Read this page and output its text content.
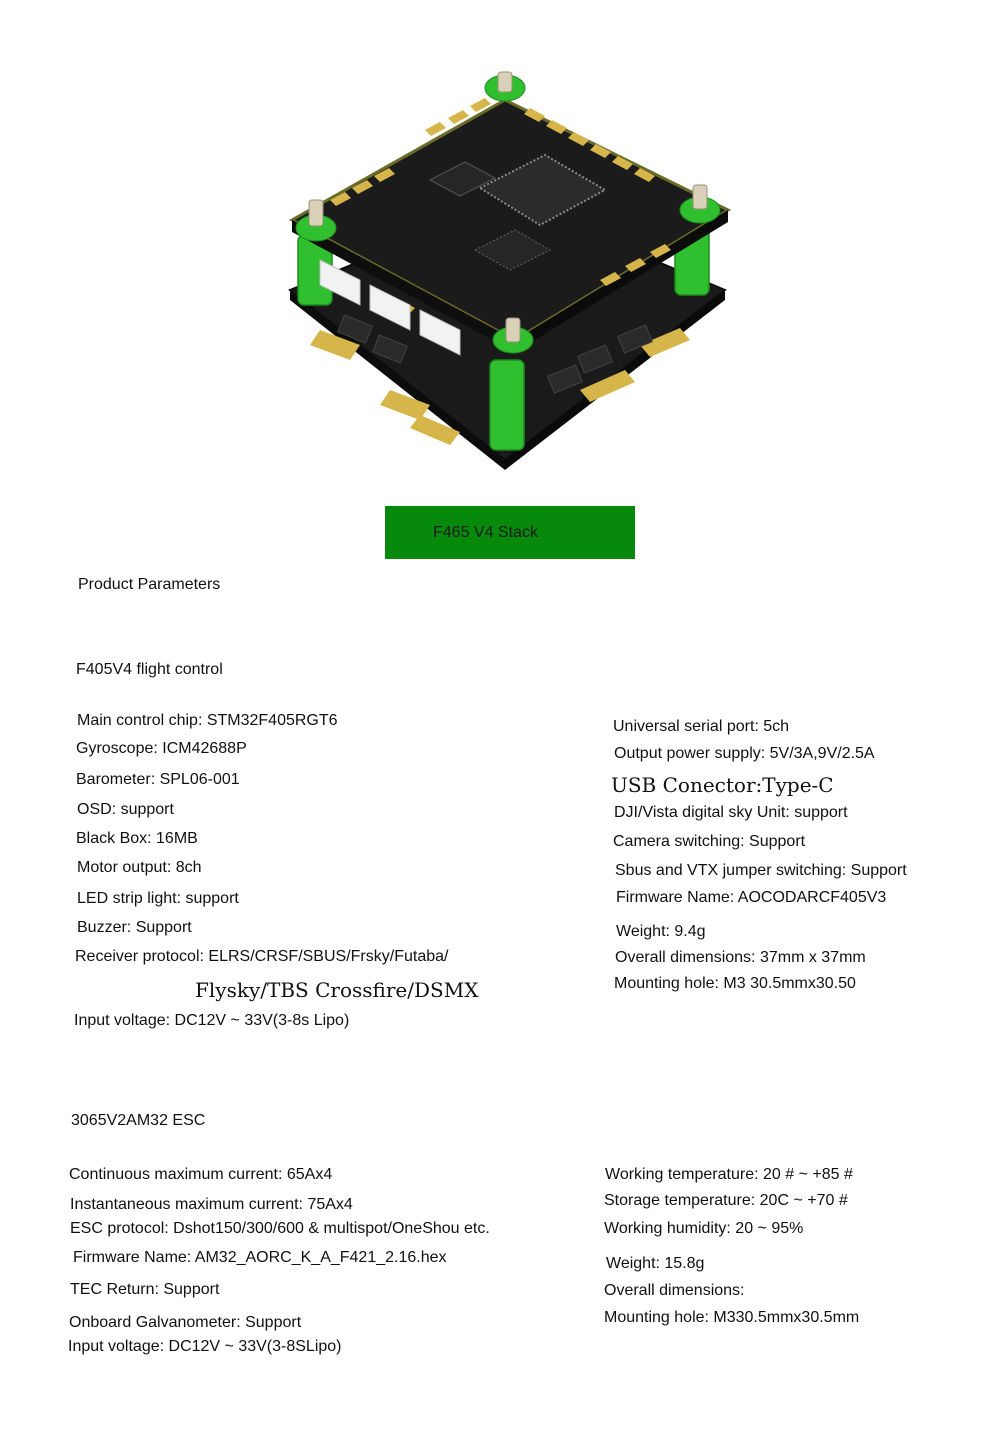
F465 V4 Stack
Product Parameters
F405V4 flight control
Main control chip: STM32F405RGT6
Gyroscope: ICM42688P
Barometer: SPL06-001
OSD: support
Black Box: 16MB
Motor output: 8ch
LED strip light: support
Buzzer: Support
Receiver protocol: ELRS/CRSF/SBUS/Frsky/Futaba/
Flysky/TBS Crossfire/DSMX
Input voltage: DC12V ~ 33V(3-8s Lipo)
Universal serial port: 5ch
Output power supply: 5V/3A,9V/2.5A
USB Conector:Type-C
DJI/Vista digital sky Unit: support
Camera switching: Support
Sbus and VTX jumper switching: Support
Firmware Name: AOCODARCF405V3
Weight: 9.4g
Overall dimensions: 37mm x 37mm
Mounting hole: M3 30.5mmx30.50
3065V2AM32 ESC
Continuous maximum current: 65Ax4
Instantaneous maximum current: 75Ax4
ESC protocol: Dshot150/300/600 & multispot/OneShou etc.
Firmware Name: AM32_AORC_K_A_F421_2.16.hex
TEC Return: Support
Onboard Galvanometer: Support
Input voltage: DC12V ~ 33V(3-8SLipo)
Working temperature: 20 # ~ +85 #
Storage temperature: 20C ~ +70 #
Working humidity: 20 ~ 95%
Weight: 15.8g
Overall dimensions:
Mounting hole: M330.5mmx30.5mm
